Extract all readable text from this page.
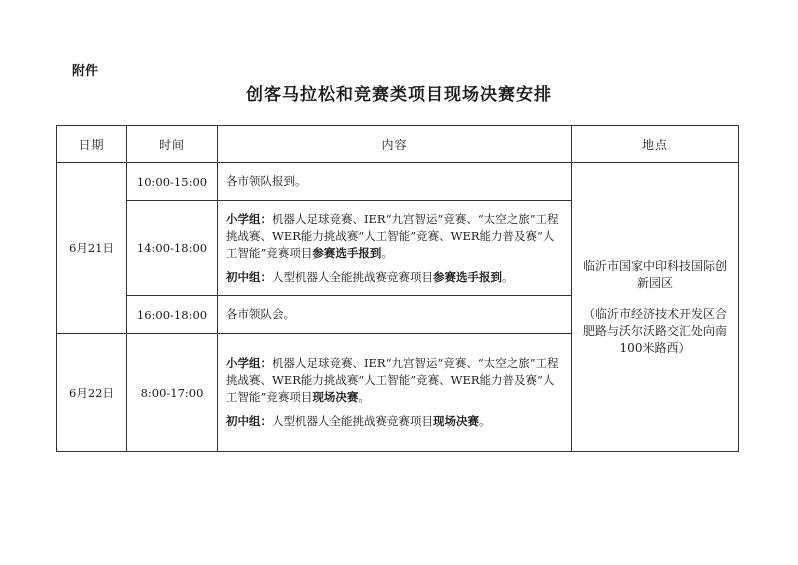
附件
创客马拉松和竞赛类项目现场决赛安排
日期	时间	内容	地点
6月21日	10:00-15:00	各市领队报到。	临沂市国家中印科技国际创新园区

（临沂市经济技术开发区合肥路与沃尔沃路交汇处向南100米路西）

	14:00-18:00	小学组：机器人足球竞赛、IER“九宫智运”竞赛、“太空之旅”工程挑战赛、WER能力挑战赛“人工智能”竞赛、WER能力普及赛“人工智能”竞赛项目参赛选手报到。

初中组：人型机器人全能挑战赛竞赛项目参赛选手报到。	

	16:00-18:00	各市领队会。	
6月22日	8:00-17:00	小学组：机器人足球竞赛、IER“九宫智运”竞赛、“太空之旅”工程挑战赛、WER能力挑战赛“人工智能”竞赛、WER能力普及赛“人工智能”竞赛项目现场决赛。

初中组：人型机器人全能挑战赛竞赛项目现场决赛。	
